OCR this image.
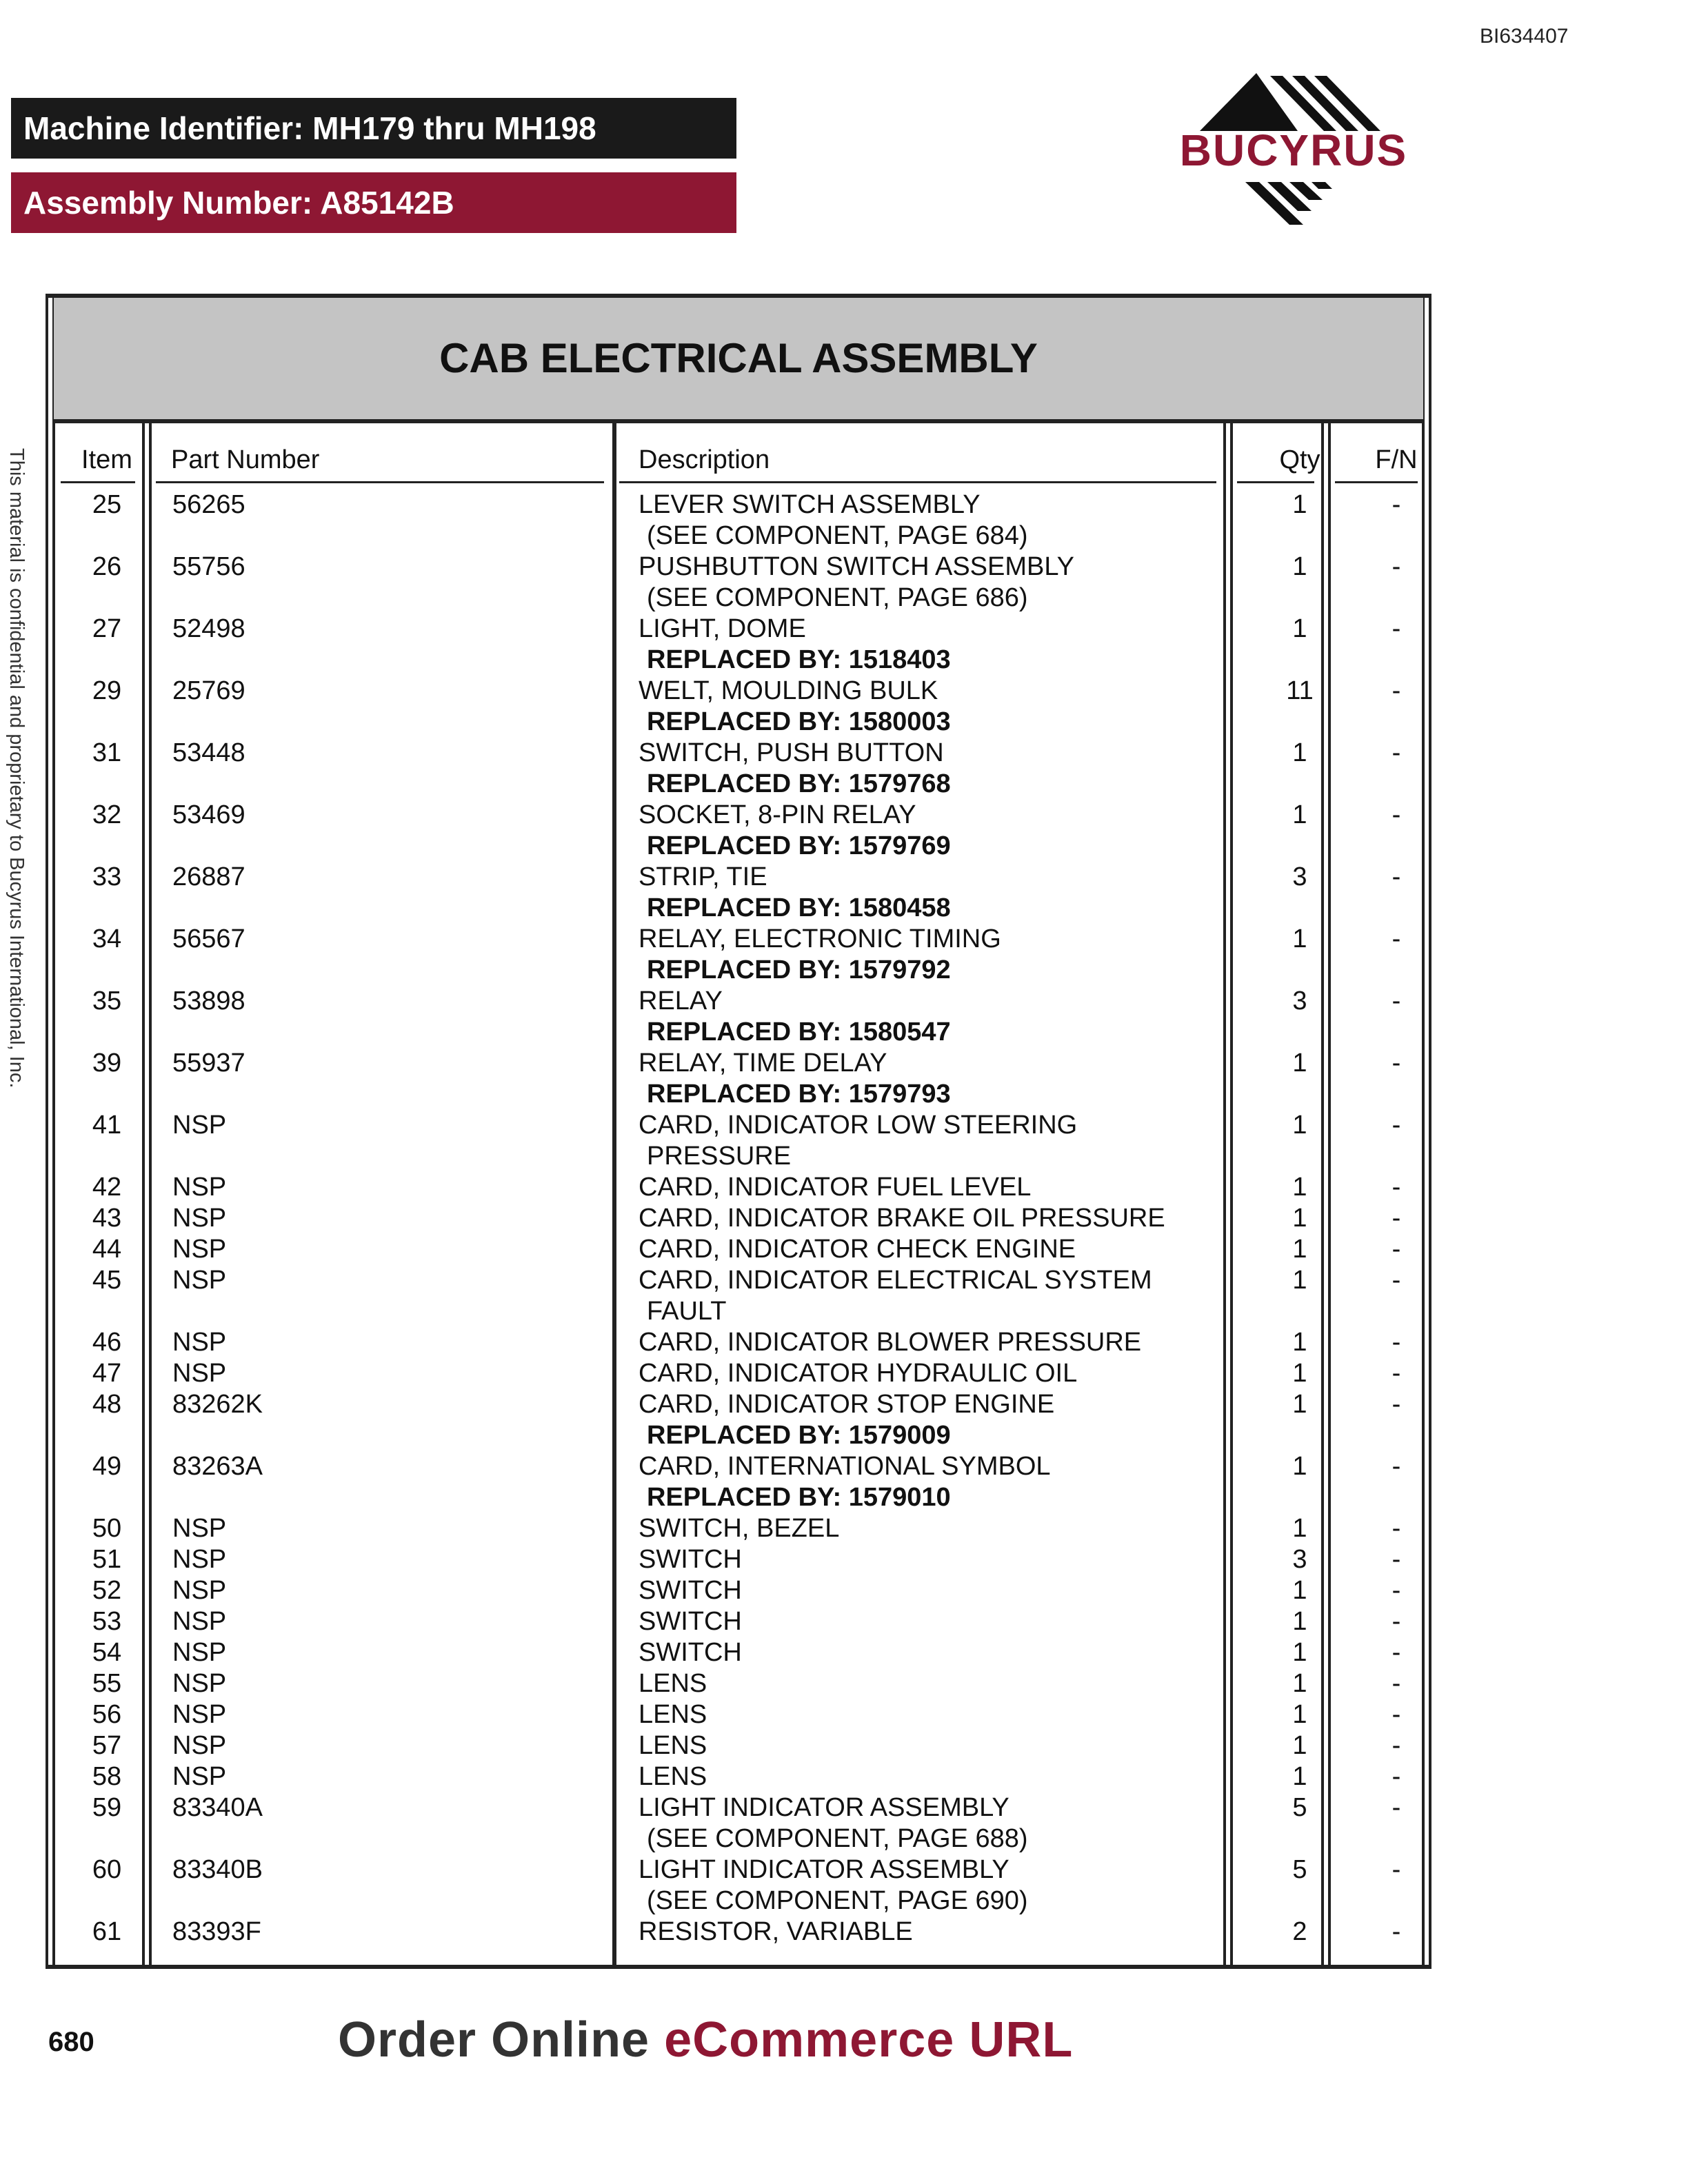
BI634407
Machine Identifier: MH179 thru MH198
Assembly Number: A85142B
BUCYRUS
This material is confidential and proprietary to Bucyrus International, Inc.
CAB ELECTRICAL ASSEMBLY
Item	Part Number	Description	Qty	F/N
25	56265	LEVER SWITCH ASSEMBLY	1	-
(SEE COMPONENT, PAGE 684)
26	55756	PUSHBUTTON SWITCH ASSEMBLY	1	-
(SEE COMPONENT, PAGE 686)
27	52498	LIGHT, DOME	1	-
REPLACED BY: 1518403
29	25769	WELT, MOULDING BULK	11	-
REPLACED BY: 1580003
31	53448	SWITCH, PUSH BUTTON	1	-
REPLACED BY: 1579768
32	53469	SOCKET, 8-PIN RELAY	1	-
REPLACED BY: 1579769
33	26887	STRIP, TIE	3	-
REPLACED BY: 1580458
34	56567	RELAY, ELECTRONIC TIMING	1	-
REPLACED BY: 1579792
35	53898	RELAY	3	-
REPLACED BY: 1580547
39	55937	RELAY, TIME DELAY	1	-
REPLACED BY: 1579793
41	NSP	CARD, INDICATOR LOW STEERING	1	-
PRESSURE
42	NSP	CARD, INDICATOR FUEL LEVEL	1	-
43	NSP	CARD, INDICATOR BRAKE OIL PRESSURE	1	-
44	NSP	CARD, INDICATOR CHECK ENGINE	1	-
45	NSP	CARD, INDICATOR ELECTRICAL SYSTEM	1	-
FAULT
46	NSP	CARD, INDICATOR BLOWER PRESSURE	1	-
47	NSP	CARD, INDICATOR HYDRAULIC OIL	1	-
48	83262K	CARD, INDICATOR STOP ENGINE	1	-
REPLACED BY: 1579009
49	83263A	CARD, INTERNATIONAL SYMBOL	1	-
REPLACED BY: 1579010
50	NSP	SWITCH, BEZEL	1	-
51	NSP	SWITCH	3	-
52	NSP	SWITCH	1	-
53	NSP	SWITCH	1	-
54	NSP	SWITCH	1	-
55	NSP	LENS	1	-
56	NSP	LENS	1	-
57	NSP	LENS	1	-
58	NSP	LENS	1	-
59	83340A	LIGHT INDICATOR ASSEMBLY	5	-
(SEE COMPONENT, PAGE 688)
60	83340B	LIGHT INDICATOR ASSEMBLY	5	-
(SEE COMPONENT, PAGE 690)
61	83393F	RESISTOR, VARIABLE	2	-
680	Order Online eCommerce URL
